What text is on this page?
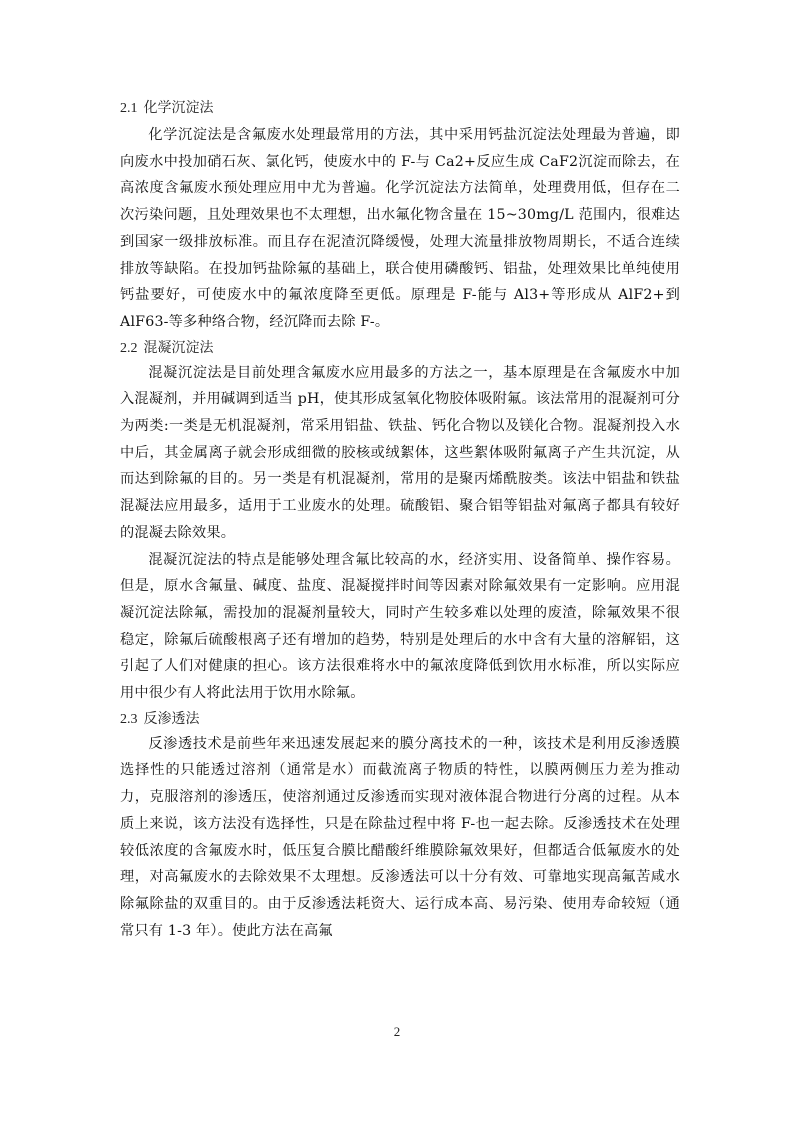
2.1 化学沉淀法

化学沉淀法是含氟废水处理最常用的方法，其中采用钙盐沉淀法处理最为普遍，即向废水中投加硝石灰、氯化钙，使废水中的 F-与 Ca2+反应生成 CaF2沉淀而除去，在高浓度含氟废水预处理应用中尤为普遍。化学沉淀法方法简单，处理费用低，但存在二次污染问题，且处理效果也不太理想，出水氟化物含量在 15~30mg/L 范围内，很难达到国家一级排放标准。而且存在泥渣沉降缓慢，处理大流量排放物周期长，不适合连续排放等缺陷。在投加钙盐除氟的基础上，联合使用磷酸钙、铝盐，处理效果比单纯使用钙盐要好，可使废水中的氟浓度降至更低。原理是 F-能与 Al3+等形成从 AlF2+到 AlF63-等多种络合物，经沉降而去除 F-。

2.2 混凝沉淀法

混凝沉淀法是目前处理含氟废水应用最多的方法之一，基本原理是在含氟废水中加入混凝剂，并用碱调到适当 pH，使其形成氢氧化物胶体吸附氟。该法常用的混凝剂可分为两类:一类是无机混凝剂，常采用铝盐、铁盐、钙化合物以及镁化合物。混凝剂投入水中后，其金属离子就会形成细微的胶核或绒絮体，这些絮体吸附氟离子产生共沉淀，从而达到除氟的目的。另一类是有机混凝剂，常用的是聚丙烯酰胺类。该法中铝盐和铁盐混凝法应用最多，适用于工业废水的处理。硫酸铝、聚合铝等铝盐对氟离子都具有较好的混凝去除效果。

混凝沉淀法的特点是能够处理含氟比较高的水，经济实用、设备简单、操作容易。但是，原水含氟量、碱度、盐度、混凝搅拌时间等因素对除氟效果有一定影响。应用混凝沉淀法除氟，需投加的混凝剂量较大，同时产生较多难以处理的废渣，除氟效果不很稳定，除氟后硫酸根离子还有增加的趋势，特别是处理后的水中含有大量的溶解铝，这引起了人们对健康的担心。该方法很难将水中的氟浓度降低到饮用水标准，所以实际应用中很少有人将此法用于饮用水除氟。

2.3 反渗透法

反渗透技术是前些年来迅速发展起来的膜分离技术的一种，该技术是利用反渗透膜选择性的只能透过溶剂（通常是水）而截流离子物质的特性，以膜两侧压力差为推动力，克服溶剂的渗透压，使溶剂通过反渗透而实现对液体混合物进行分离的过程。从本质上来说，该方法没有选择性，只是在除盐过程中将 F-也一起去除。反渗透技术在处理较低浓度的含氟废水时，低压复合膜比醋酸纤维膜除氟效果好，但都适合低氟废水的处理，对高氟废水的去除效果不太理想。反渗透法可以十分有效、可靠地实现高氟苦咸水除氟除盐的双重目的。由于反渗透法耗资大、运行成本高、易污染、使用寿命较短（通常只有 1-3 年）。使此方法在高氟

2
